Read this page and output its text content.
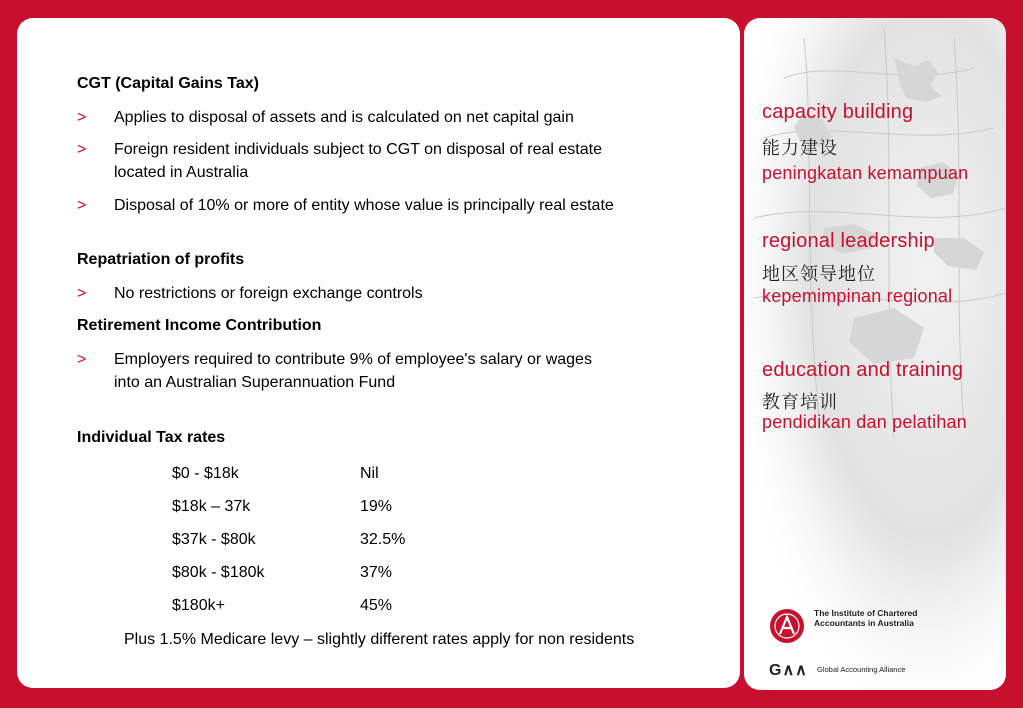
CGT (Capital Gains Tax)
> Applies to disposal of assets and is calculated on net capital gain
> Foreign resident individuals subject to CGT on disposal of real estate located in Australia
> Disposal of 10% or more of entity whose value is principally real estate
Repatriation of profits
> No restrictions or foreign exchange controls
Retirement Income Contribution
> Employers required to contribute 9% of employee's salary or wages into an Australian Superannuation Fund
Individual Tax rates
$0 - $18k	Nil
$18k – 37k	19%
$37k - $80k	32.5%
$80k - $180k	37%
$180k+	45%
Plus 1.5% Medicare levy – slightly different rates apply for non residents
capacity building
能力建设
peningkatan kemampuan
regional leadership
地区领导地位
kepemimpinan regional
education and training
教育培训
pendidikan dan pelatihan
The Institute of Chartered Accountants in Australia
G∧∧ Global Accounting Alliance
